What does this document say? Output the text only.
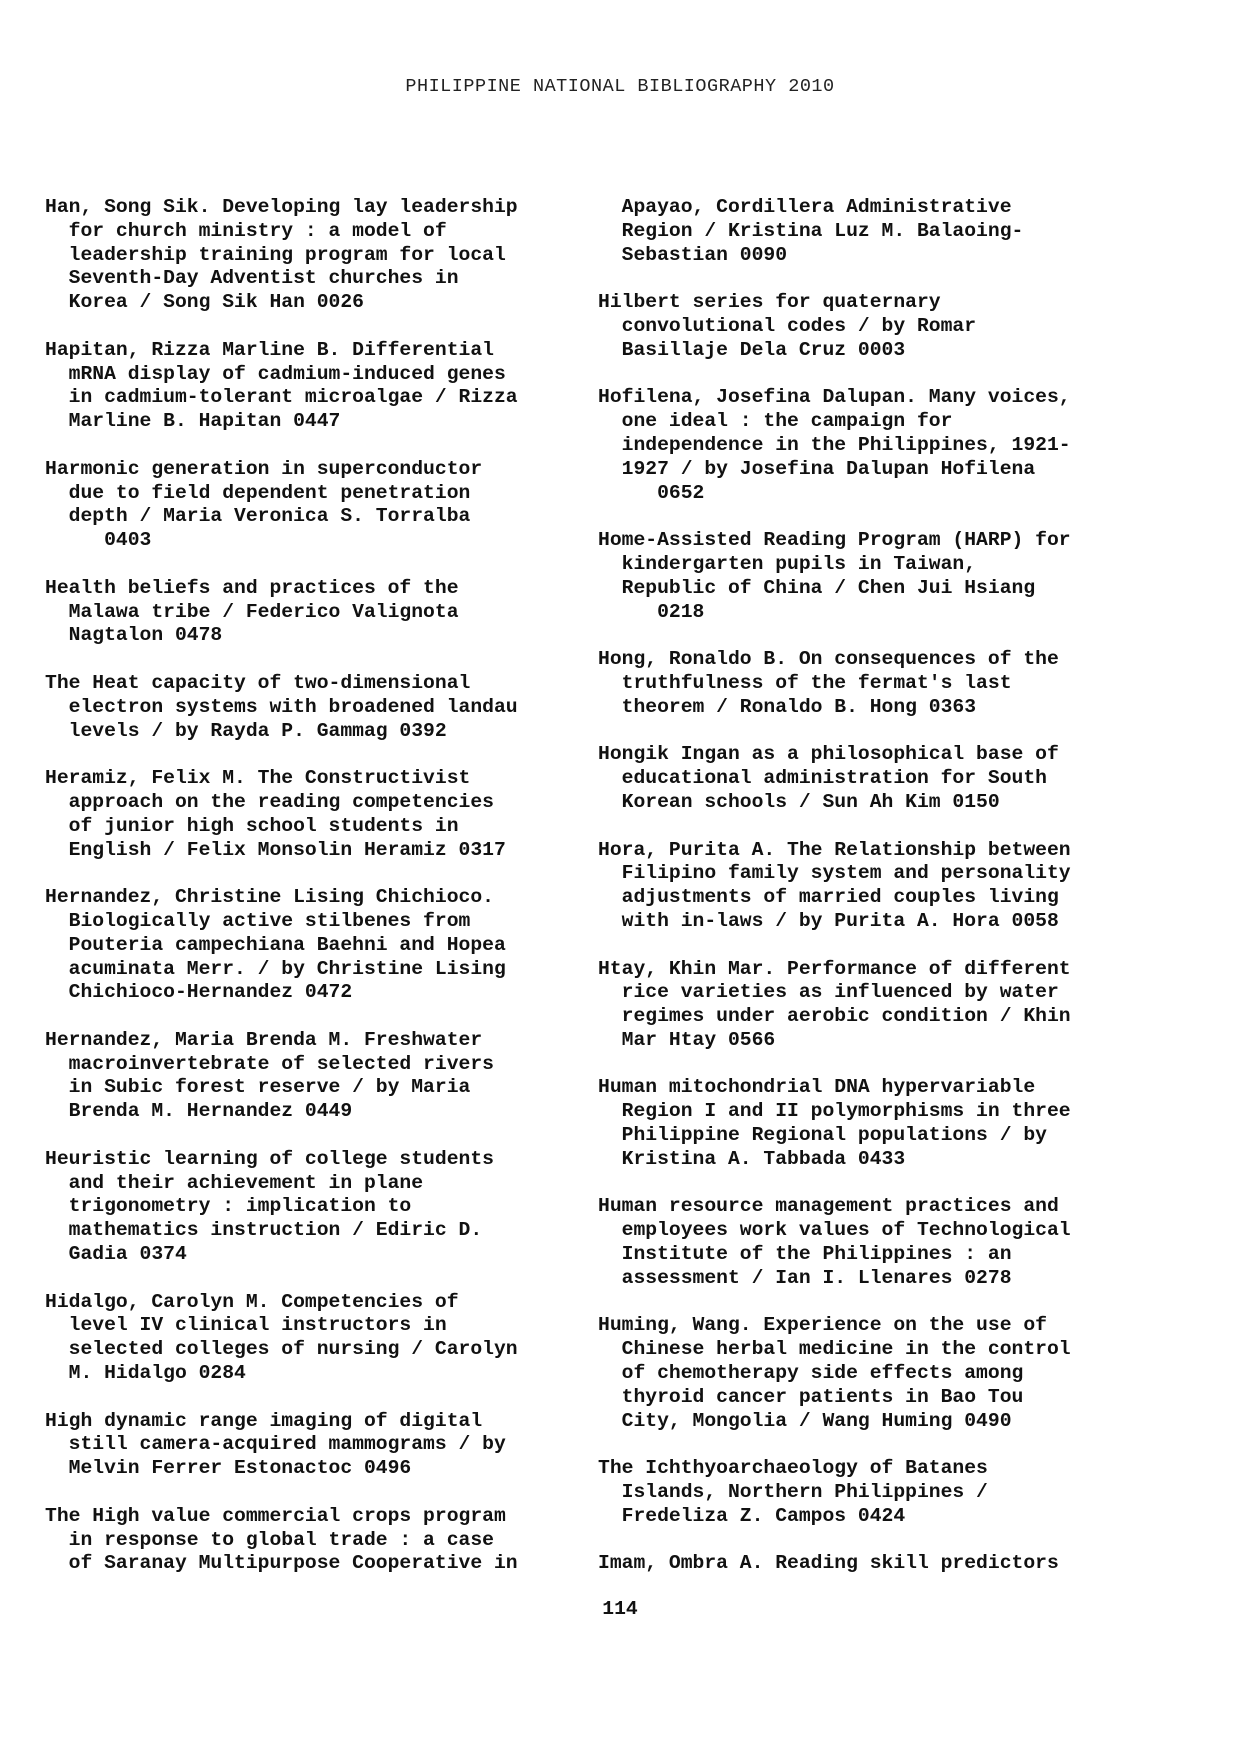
PHILIPPINE NATIONAL BIBLIOGRAPHY 2010
Han, Song Sik. Developing lay leadership
for church ministry : a model of
leadership training program for local
Seventh-Day Adventist churches in
Korea / Song Sik Han 0026
Hapitan, Rizza Marline B. Differential
mRNA display of cadmium-induced genes
in cadmium-tolerant microalgae / Rizza
Marline B. Hapitan 0447
Harmonic generation in superconductor
due to field dependent penetration
depth / Maria Veronica S. Torralba
0403
Health beliefs and practices of the
Malawa tribe / Federico Valignota
Nagtalon 0478
The Heat capacity of two-dimensional
electron systems with broadened landau
levels / by Rayda P. Gammag 0392
Heramiz, Felix M. The Constructivist
approach on the reading competencies
of junior high school students in
English / Felix Monsolin Heramiz 0317
Hernandez, Christine Lising Chichioco.
Biologically active stilbenes from
Pouteria campechiana Baehni and Hopea
acuminata Merr. / by Christine Lising
Chichioco-Hernandez 0472
Hernandez, Maria Brenda M. Freshwater
macroinvertebrate of selected rivers
in Subic forest reserve / by Maria
Brenda M. Hernandez 0449
Heuristic learning of college students
and their achievement in plane
trigonometry : implication to
mathematics instruction / Ediric D.
Gadia 0374
Hidalgo, Carolyn M. Competencies of
level IV clinical instructors in
selected colleges of nursing / Carolyn
M. Hidalgo 0284
High dynamic range imaging of digital
still camera-acquired mammograms / by
Melvin Ferrer Estonactoc 0496
The High value commercial crops program
in response to global trade : a case
of Saranay Multipurpose Cooperative in
Apayao, Cordillera Administrative
Region / Kristina Luz M. Balaoing-
Sebastian 0090
Hilbert series for quaternary
convolutional codes / by Romar
Basillaje Dela Cruz 0003
Hofilena, Josefina Dalupan. Many voices,
one ideal : the campaign for
independence in the Philippines, 1921-
1927 / by Josefina Dalupan Hofilena
0652
Home-Assisted Reading Program (HARP) for
kindergarten pupils in Taiwan,
Republic of China / Chen Jui Hsiang
0218
Hong, Ronaldo B. On consequences of the
truthfulness of the fermat's last
theorem / Ronaldo B. Hong 0363
Hongik Ingan as a philosophical base of
educational administration for South
Korean schools / Sun Ah Kim 0150
Hora, Purita A. The Relationship between
Filipino family system and personality
adjustments of married couples living
with in-laws / by Purita A. Hora 0058
Htay, Khin Mar. Performance of different
rice varieties as influenced by water
regimes under aerobic condition / Khin
Mar Htay 0566
Human mitochondrial DNA hypervariable
Region I and II polymorphisms in three
Philippine Regional populations / by
Kristina A. Tabbada 0433
Human resource management practices and
employees work values of Technological
Institute of the Philippines : an
assessment / Ian I. Llenares 0278
Huming, Wang. Experience on the use of
Chinese herbal medicine in the control
of chemotherapy side effects among
thyroid cancer patients in Bao Tou
City, Mongolia / Wang Huming 0490
The Ichthyoarchaeology of Batanes
Islands, Northern Philippines /
Fredeliza Z. Campos 0424
Imam, Ombra A. Reading skill predictors
114
